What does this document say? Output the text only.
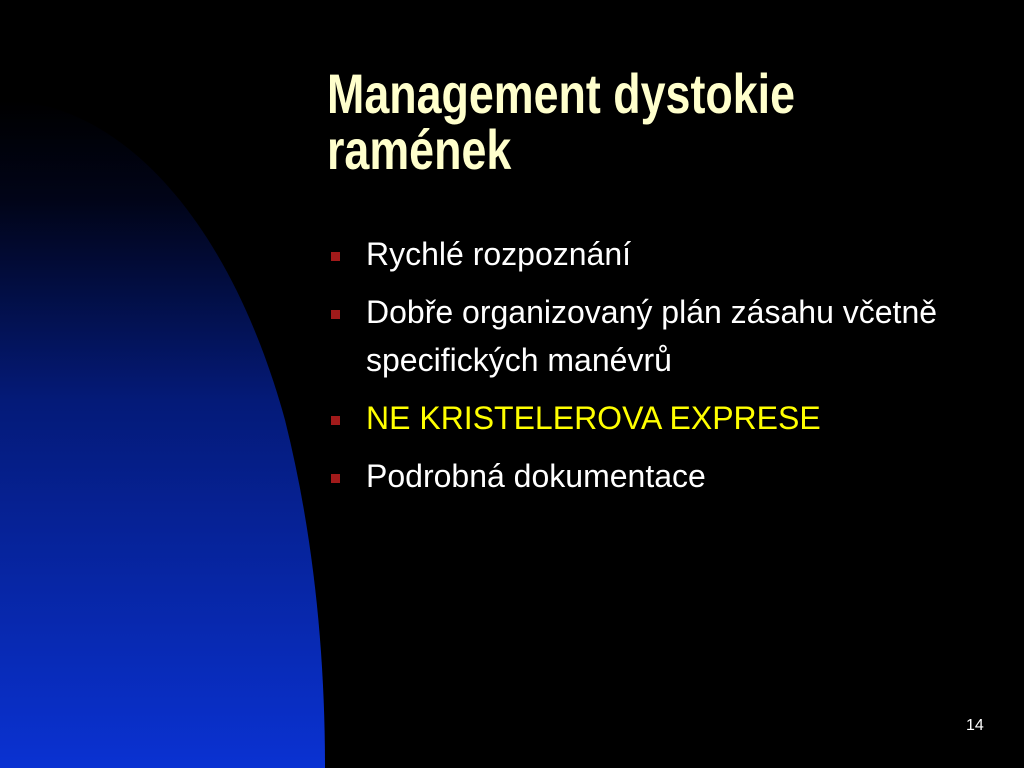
Management dystokie
ramének
Rychlé rozpoznání
Dobře organizovaný plán zásahu včetně specifických manévrů
NE KRISTELEROVA EXPRESE
Podrobná dokumentace
14
